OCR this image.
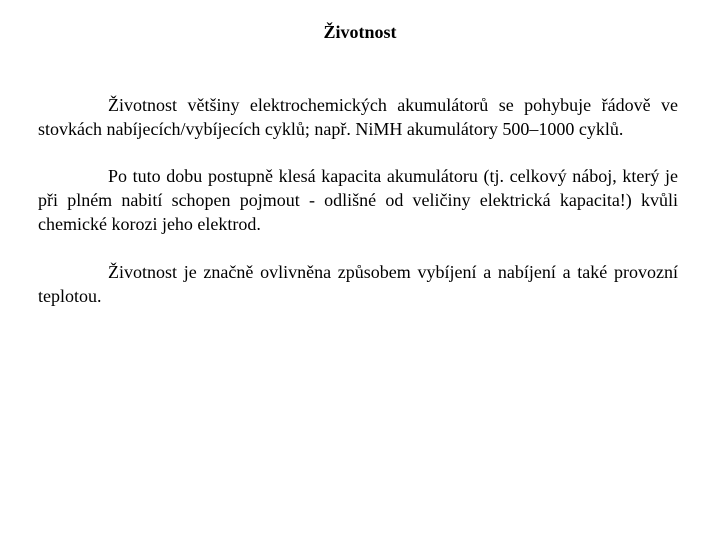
Životnost

Životnost většiny elektrochemických akumulátorů se pohybuje řádově ve stovkách nabíjecích/vybíjecích cyklů; např. NiMH akumulátory 500–1000 cyklů.

Po tuto dobu postupně klesá kapacita akumulátoru (tj. celkový náboj, který je při plném nabití schopen pojmout - odlišné od veličiny elektrická kapacita!) kvůli chemické korozi jeho elektrod.

Životnost je značně ovlivněna způsobem vybíjení a nabíjení a také provozní teplotou.
